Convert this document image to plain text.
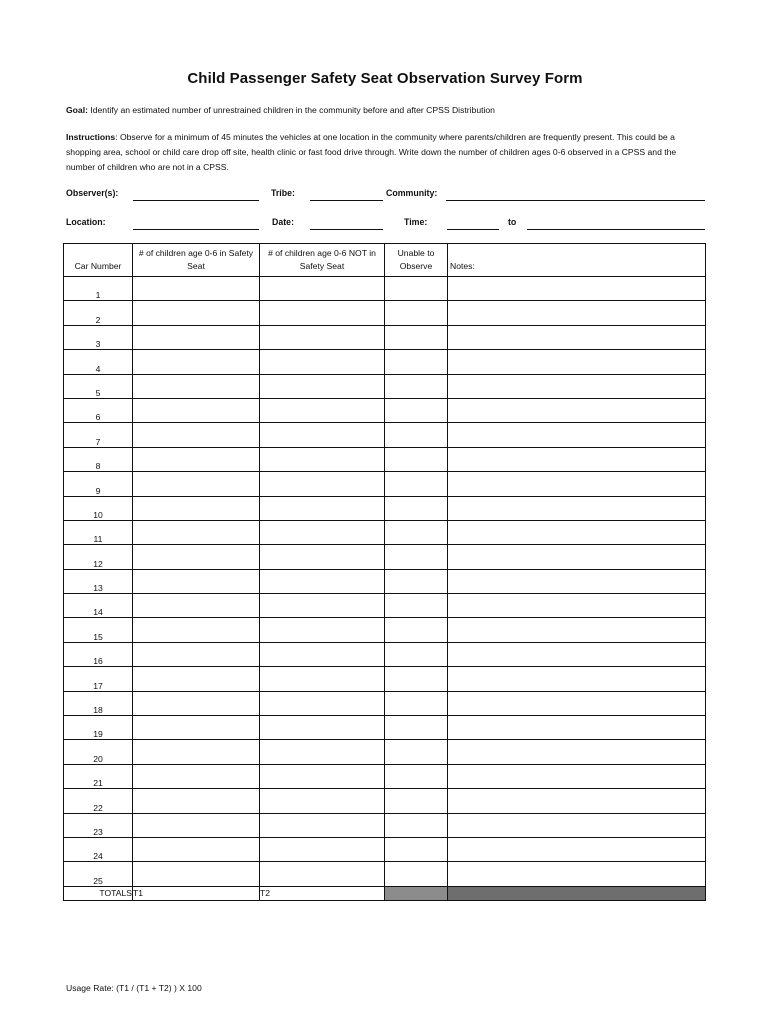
Child Passenger Safety Seat Observation Survey Form
Goal: Identify an estimated number of unrestrained children in the community before and after CPSS Distribution
Instructions: Observe for a minimum of 45 minutes the vehicles at one location in the community where parents/children are frequently present. This could be a shopping area, school or child care drop off site, health clinic or fast food drive through. Write down the number of children ages 0-6 observed in a CPSS and the number of children who are not in a CPSS.
Observer(s):	Tribe:	Community:
Location:	Date:	Time:	to
Car Number	# of children age 0-6 in Safety Seat	# of children age 0-6 NOT in Safety Seat	Unable to Observe	Notes:
1				
2				
3				
4				
5				
6				
7				
8				
9				
10				
11				
12				
13				
14				
15				
16				
17				
18				
19				
20				
21				
22				
23				
24				
25				
TOTALS	T1	T2		
Usage Rate: (T1 / (T1 + T2) ) X 100
